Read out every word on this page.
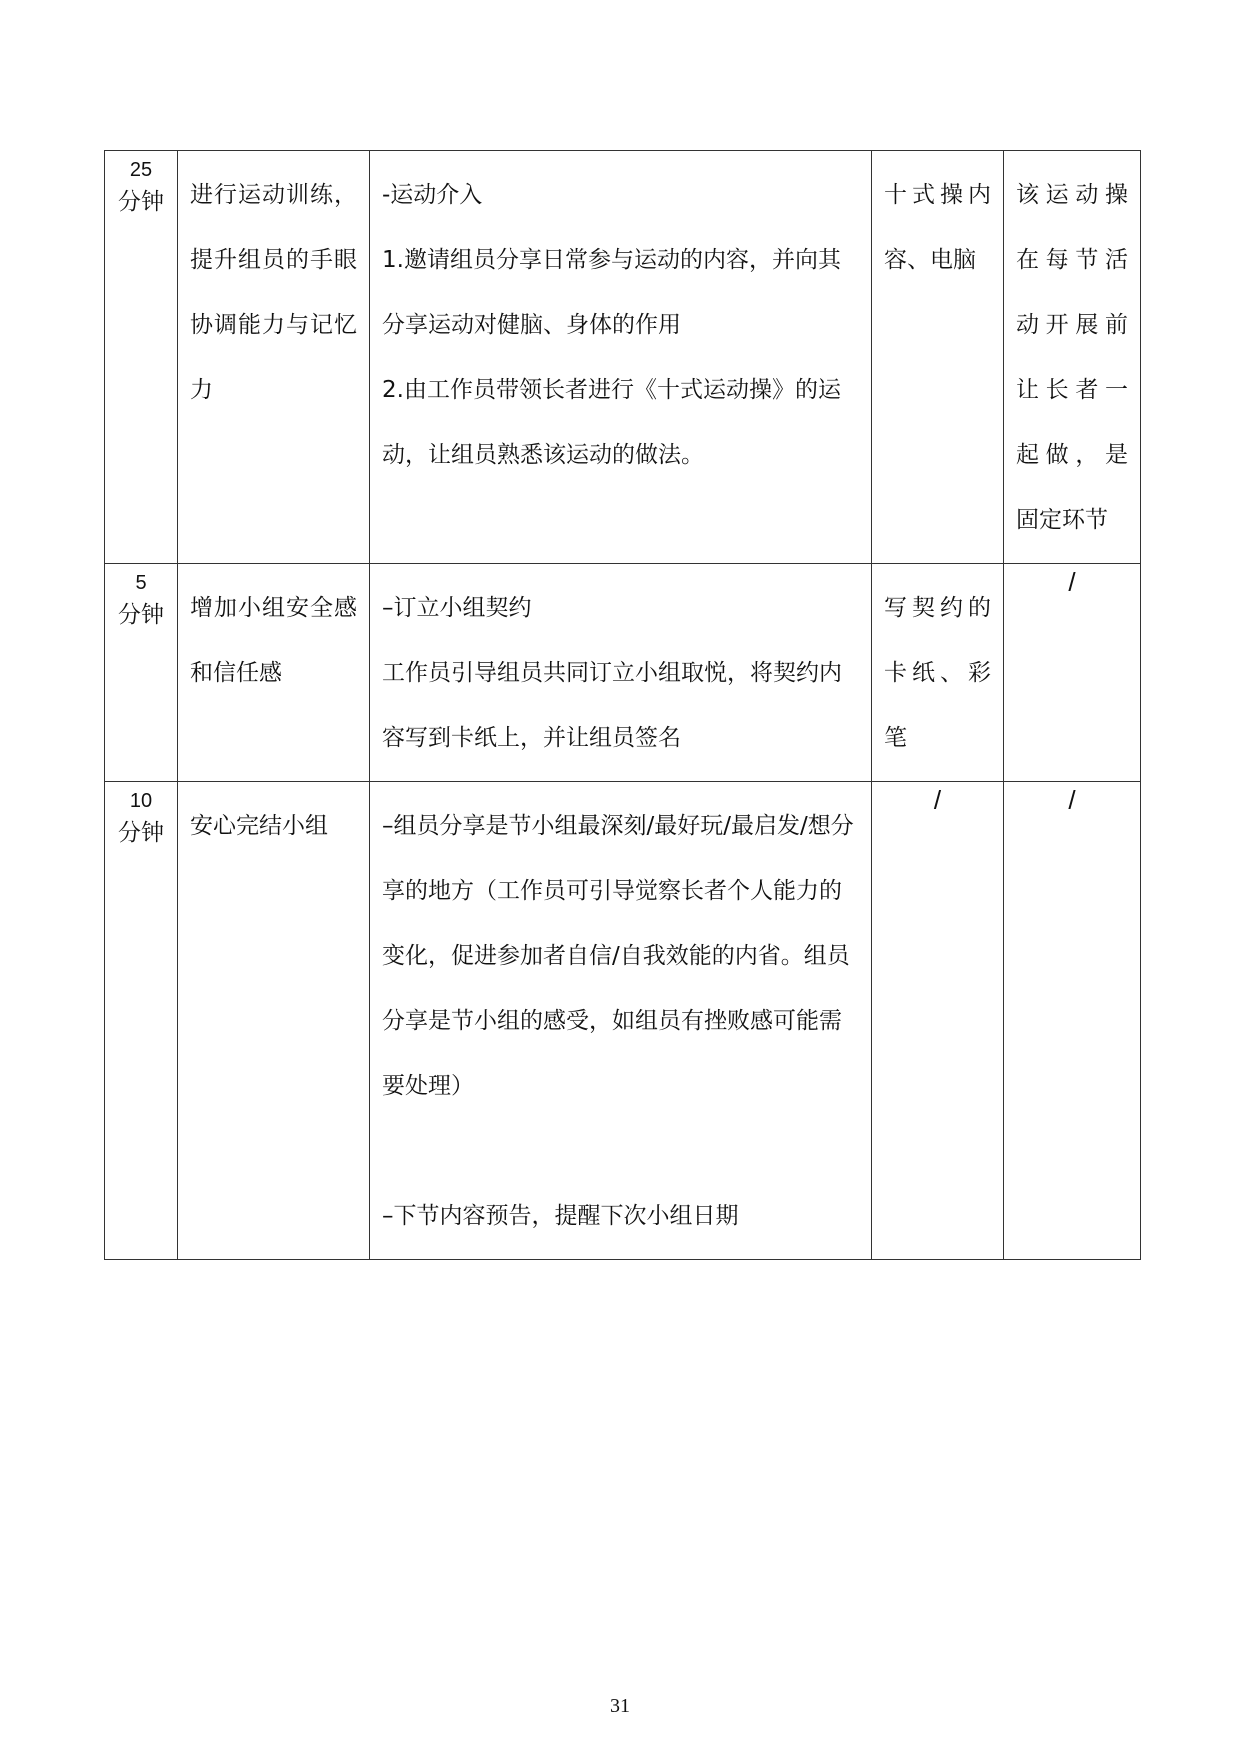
25
分钟	进行运动训练，提升组员的手眼协调能力与记忆力	-运动介入
1.邀请组员分享日常参与运动的内容，并向其分享运动对健脑、身体的作用
2.由工作员带领长者进行《十式运动操》的运动，让组员熟悉该运动的做法。	十式操内容、电脑	该运动操在每节活动开展前让长者一起做，是固定环节

5
分钟	增加小组安全感和信任感	–订立小组契约
工作员引导组员共同订立小组取悦，将契约内容写到卡纸上，并让组员签名	写契约的卡纸、彩笔	/

10
分钟	安心完结小组	–组员分享是节小组最深刻/最好玩/最启发/想分享的地方（工作员可引导觉察长者个人能力的变化，促进参加者自信/自我效能的内省。组员分享是节小组的感受，如组员有挫败感可能需要处理）
–下节内容预告，提醒下次小组日期	/	/
31
